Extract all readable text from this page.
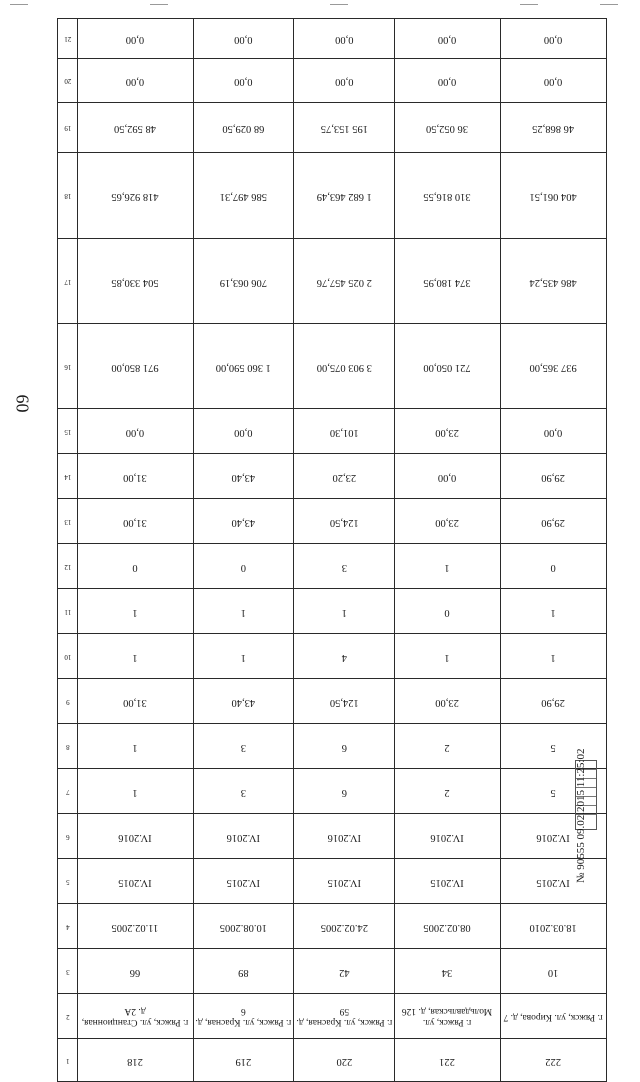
60
21	0,00	0,00	0,00	0,00	0,00
20	0,00	0,00	0,00	0,00	0,00
19	48 592,50	68 029,50	195 153,75	36 052,50	46 868,25
18	418 926,65	586 497,31	1 682 463,49	310 816,55	404 061,51
17	504 330,85	706 063,19	2 025 457,76	374 180,95	486 435,24
16	971 850,00	1 360 590,00	3 903 075,00	721 050,00	937 365,00
15	0,00	0,00	101,30	23,00	0,00
14	31,00	43,40	23,20	0,00	29,90
13	31,00	43,40	124,50	23,00	29,90
12	0	0	3	1	0
11	1	1	1	0	1
10	1	1	4	1	1
9	31,00	43,40	124,50	23,00	29,90
8	1	3	6	2	5
7	1	3	6	2	5
6	IV.2016	IV.2016	IV.2016	IV.2016	IV.2016
5	IV.2015	IV.2015	IV.2015	IV.2015	IV.2015
4	11.02.2005	10.08.2005	24.02.2005	08.02.2005	18.03.2010
3	66	89	42	34	10
2	г. Ряжск, ул. Станционная, д. 2А	г. Ряжск, ул. Красная, д. 6	г. Ряжск, ул. Красная, д. 59	г. Ряжск, ул. Мольдавльская, д. 126	г. Ряжск, ул. Кирова, д. 7
1	218	219	220	221	222
№ 90555 09.02.2015 11:25:02
